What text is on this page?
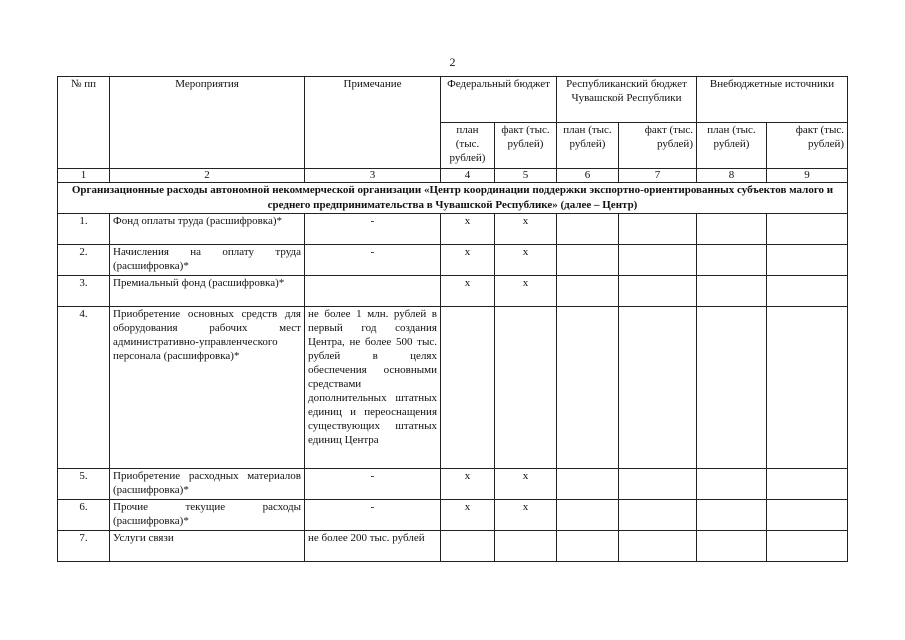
2
№ пп	Мероприятия	Примечание	Федеральный бюджет		Республиканский бюджет Чувашской Республики		Внебюджетные источники	
			план (тыс. рублей)	факт (тыс. рублей)	план (тыс. рублей)	факт (тыс. рублей)	план (тыс. рублей)	факт (тыс. рублей)
1	2	3	4	5	6	7	8	9
Организационные расходы автономной некоммерческой организации «Центр координации поддержки экспортно-ориентированных субъектов малого и среднего предпринимательства в Чувашской Республике» (далее – Центр)								
1.	Фонд оплаты труда (расшифровка)*	-	х	х				
2.	Начисления на оплату труда (расшифровка)*	-	х	х				
3.	Премиальный фонд (расшифровка)*		х	х				
4.	Приобретение основных средств для оборудования рабочих мест административно-управленческого персонала (расшифровка)*	не более 1 млн. рублей в первый год создания Центра, не более 500 тыс. рублей в целях обеспечения основными средствами дополнительных штатных единиц и переоснащения существующих штатных единиц Центра						
5.	Приобретение расходных материалов (расшифровка)*	-	х	х				
6.	Прочие текущие расходы (расшифровка)*	-	х	х				
7.	Услуги связи	не более 200 тыс. рублей						
